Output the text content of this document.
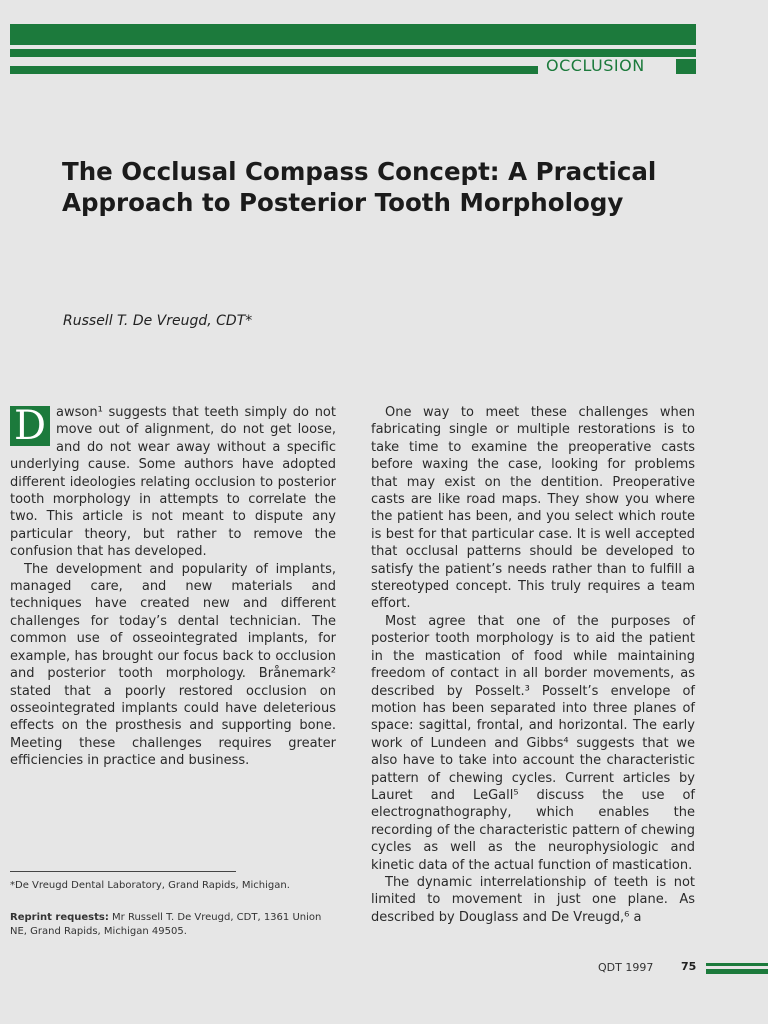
OCCLUSION
The Occlusal Compass Concept: A Practical Approach to Posterior Tooth Morphology
Russell T. De Vreugd, CDT*

D awson¹ suggests that teeth simply do not move out of alignment, do not get loose, and do not wear away without a specific underlying cause. Some authors have adopted different ideologies relating occlusion to posterior tooth morphology in attempts to correlate the two. This article is not meant to dispute any particular theory, but rather to remove the confusion that has developed.

The development and popularity of implants, managed care, and new materials and techniques have created new and different challenges for today’s dental technician. The common use of osseointegrated implants, for example, has brought our focus back to occlusion and posterior tooth morphology. Brånemark² stated that a poorly restored occlusion on osseointegrated implants could have deleterious effects on the prosthesis and supporting bone. Meeting these challenges requires greater efficiencies in practice and business.

One way to meet these challenges when fabricating single or multiple restorations is to take time to examine the preoperative casts before waxing the case, looking for problems that may exist on the dentition. Preoperative casts are like road maps. They show you where the patient has been, and you select which route is best for that particular case. It is well accepted that occlusal patterns should be developed to satisfy the patient’s needs rather than to fulfill a stereotyped concept. This truly requires a team effort.

Most agree that one of the purposes of posterior tooth morphology is to aid the patient in the mastication of food while maintaining freedom of contact in all border movements, as described by Posselt.³ Posselt’s envelope of motion has been separated into three planes of space: sagittal, frontal, and horizontal. The early work of Lundeen and Gibbs⁴ suggests that we also have to take into account the characteristic pattern of chewing cycles. Current articles by Lauret and LeGall⁵ discuss the use of electrognathography, which enables the recording of the characteristic pattern of chewing cycles as well as the neurophysiologic and kinetic data of the actual function of mastication.

The dynamic interrelationship of teeth is not limited to movement in just one plane. As described by Douglass and De Vreugd,⁶ a

*De Vreugd Dental Laboratory, Grand Rapids, Michigan.
Reprint requests: Mr Russell T. De Vreugd, CDT, 1361 Union NE, Grand Rapids, Michigan 49505.
QDT 1997	75
